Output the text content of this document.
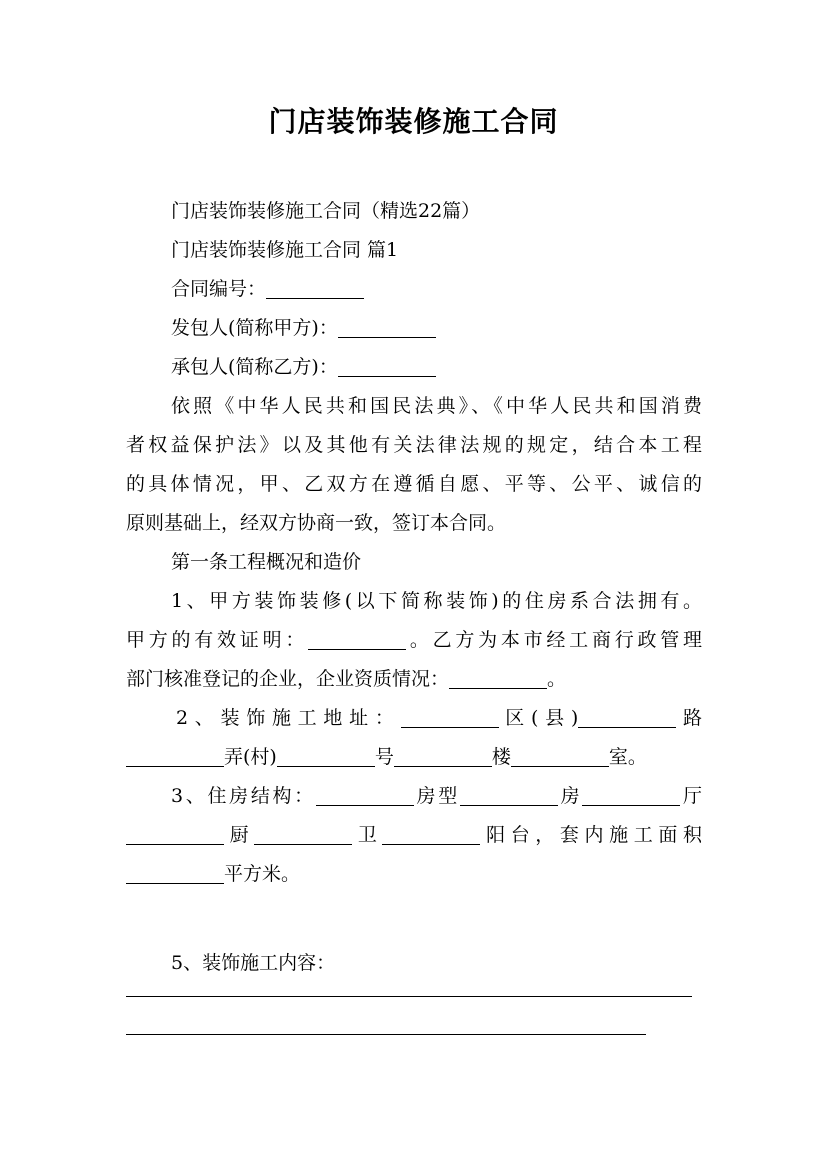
门店装饰装修施工合同
门店装饰装修施工合同（精选22篇）
门店装饰装修施工合同 篇1
合同编号：
发包人(简称甲方)：
承包人(简称乙方)：
依照《中华人民共和国民法典》、《中华人民共和国消费
者权益保护法》以及其他有关法律法规的规定，结合本工程
的具体情况，甲、乙双方在遵循自愿、平等、公平、诚信的
原则基础上，经双方协商一致，签订本合同。
第一条工程概况和造价
1、甲方装饰装修(以下简称装饰)的住房系合法拥有。
甲方的有效证明：	。乙方为本市经工商行政管理
部门核准登记的企业，企业资质情况：	。
2、装饰施工地址：	区(县)	路
弄(村)	号	楼	室。
3、住房结构：	房型	房	厅
厨	卫	阳台，套内施工面积
平方米。
5、装饰施工内容：
